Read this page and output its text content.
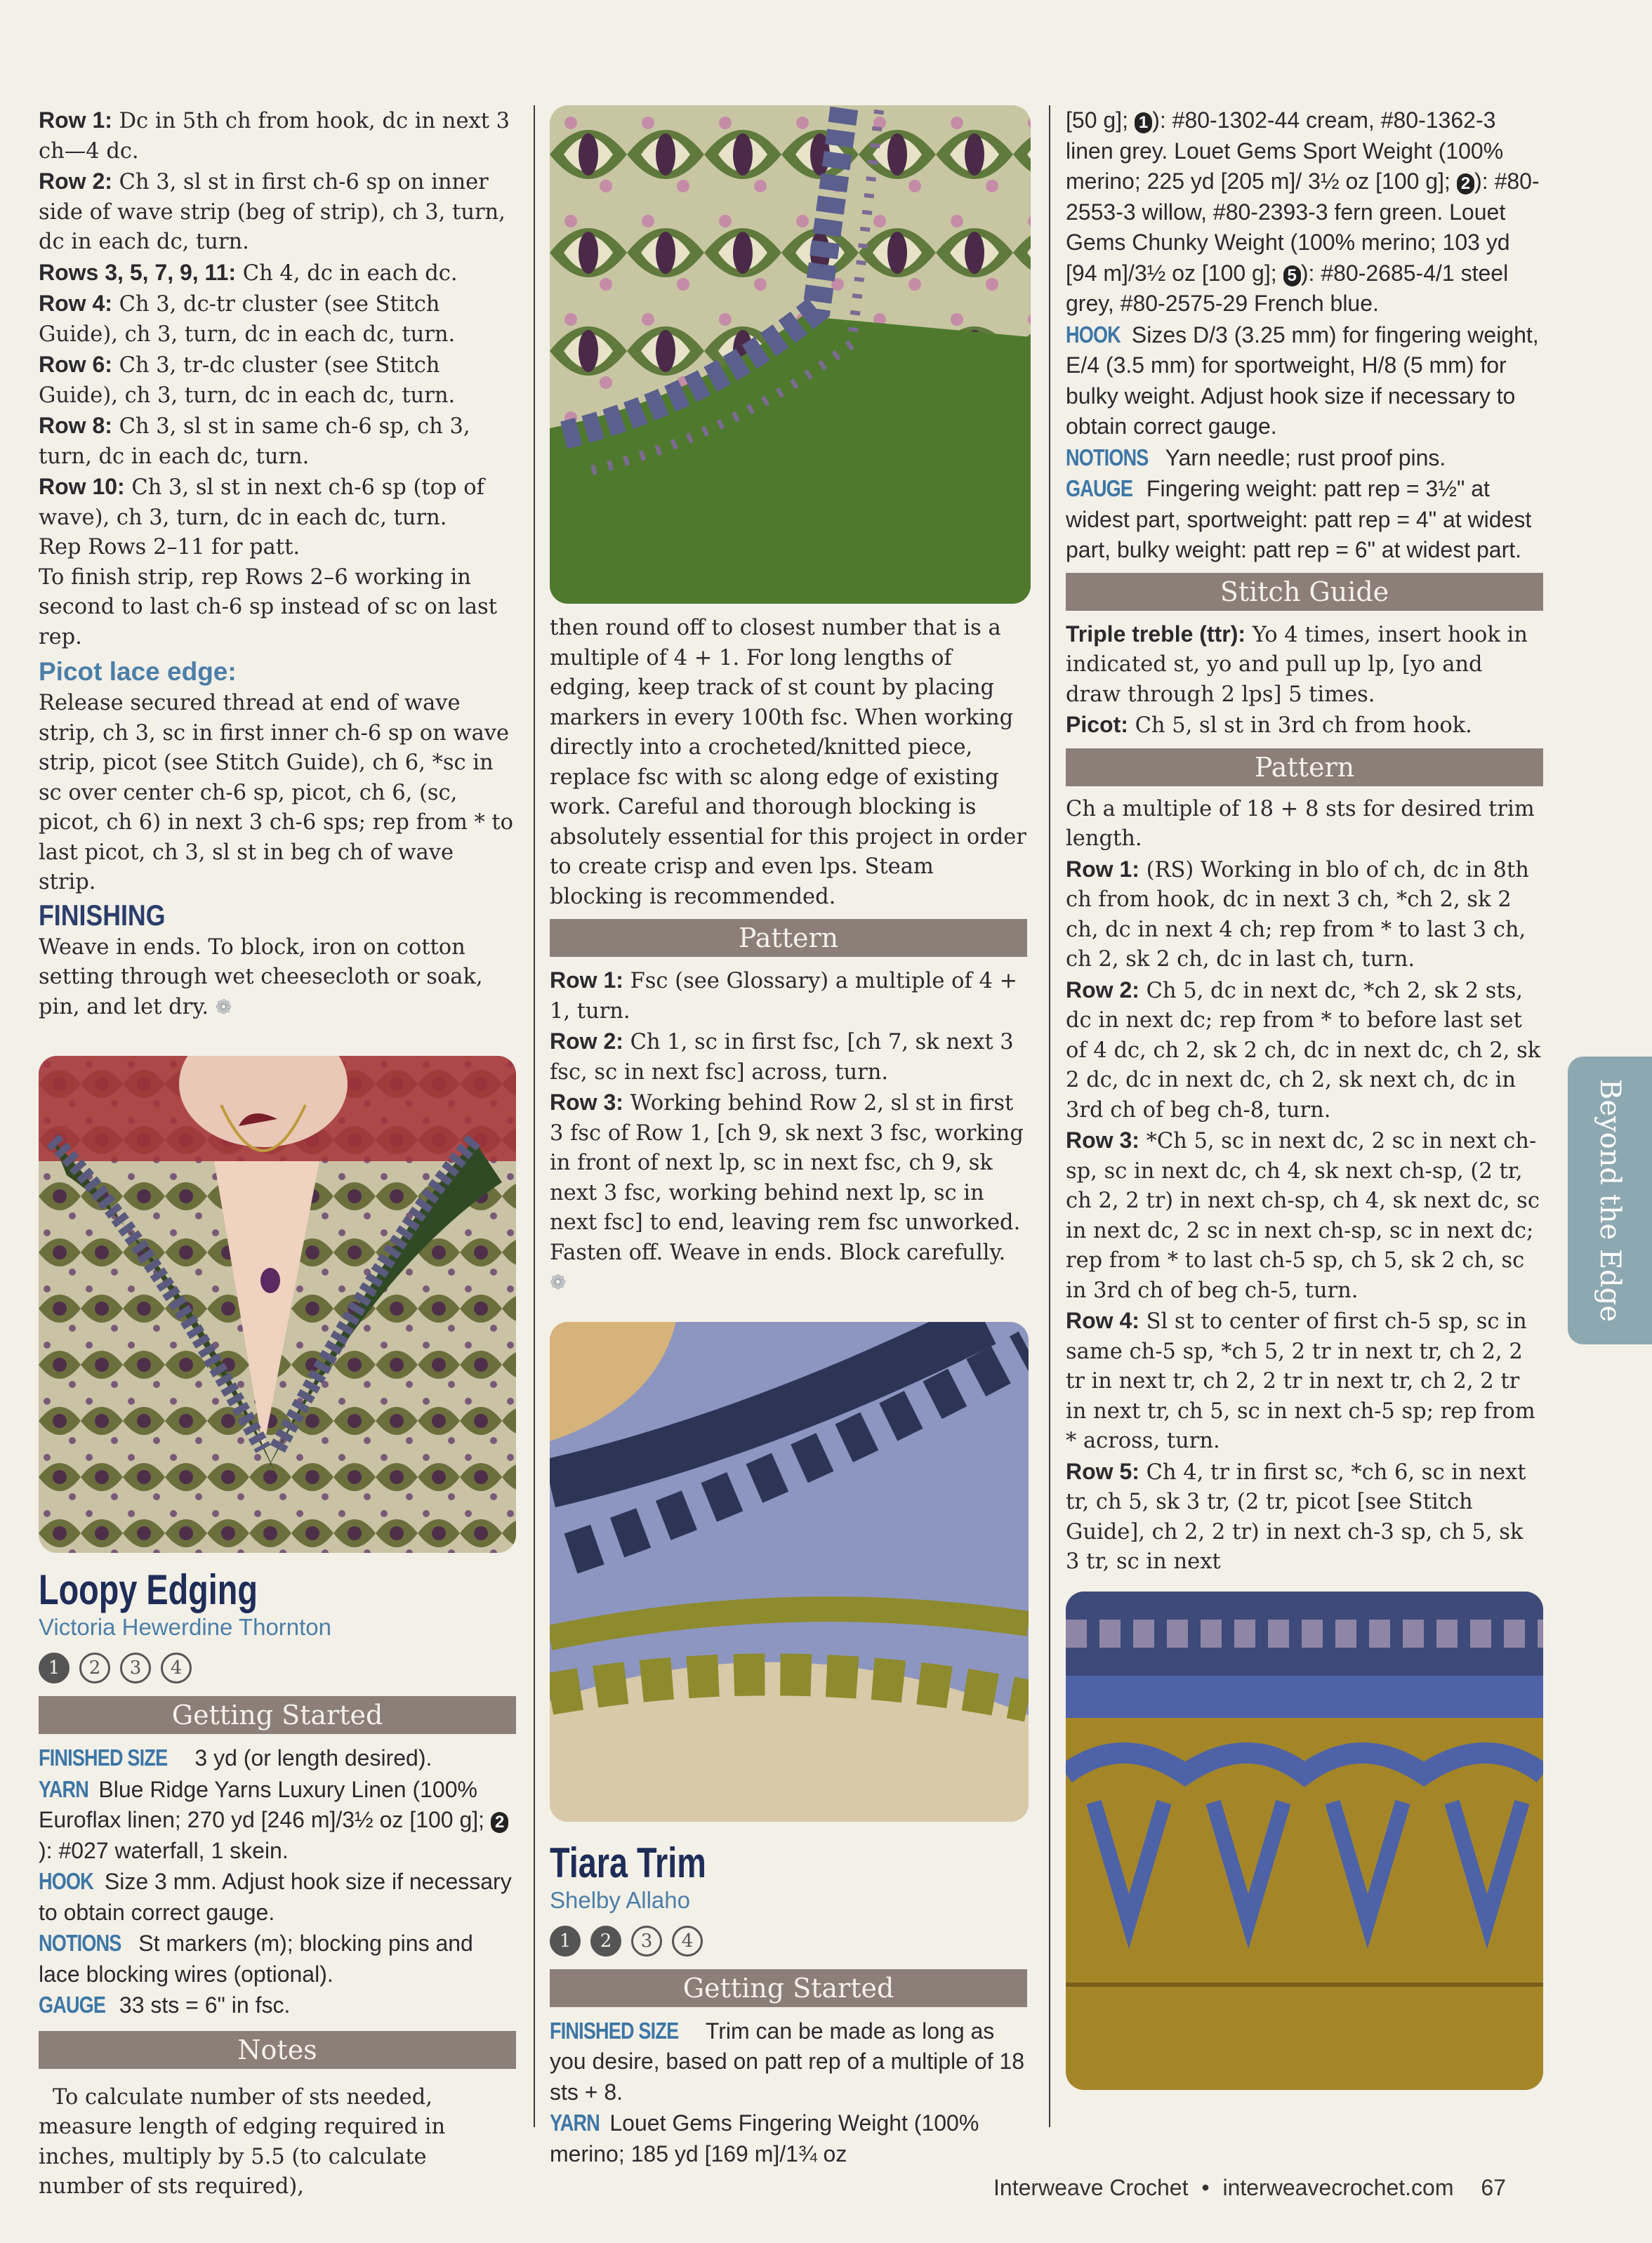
Row 1: Dc in 5th ch from hook, dc in next 3 ch—4 dc.

Row 2: Ch 3, sl st in first ch-6 sp on inner side of wave strip (beg of strip), ch 3, turn, dc in each dc, turn.

Rows 3, 5, 7, 9, 11: Ch 4, dc in each dc.

Row 4: Ch 3, dc-tr cluster (see Stitch Guide), ch 3, turn, dc in each dc, turn.

Row 6: Ch 3, tr-dc cluster (see Stitch Guide), ch 3, turn, dc in each dc, turn.

Row 8: Ch 3, sl st in same ch-6 sp, ch 3, turn, dc in each dc, turn.

Row 10: Ch 3, sl st in next ch-6 sp (top of wave), ch 3, turn, dc in each dc, turn.

Rep Rows 2–11 for patt.

To finish strip, rep Rows 2–6 working in second to last ch-6 sp instead of sc on last rep.

Picot lace edge:

Release secured thread at end of wave strip, ch 3, sc in first inner ch-6 sp on wave strip, picot (see Stitch Guide), ch 6, *sc in sc over center ch-6 sp, picot, ch 6, (sc, picot, ch 6) in next 3 ch-6 sps; rep from * to last picot, ch 3, sl st in beg ch of wave strip.

FINISHING

Weave in ends. To block, iron on cotton setting through wet cheesecloth or soak, pin, and let dry. ❁

Loopy Edging
Victoria Hewerdine Thornton
1	2	3	4
Getting Started

FINISHED SIZE 3 yd (or length desired).

YARN Blue Ridge Yarns Luxury Linen (100% Euroflax linen; 270 yd [246 m]/3½ oz [100 g]; 2): #027 waterfall, 1 skein.

HOOK Size 3 mm. Adjust hook size if necessary to obtain correct gauge.

NOTIONS St markers (m); blocking pins and lace blocking wires (optional).

GAUGE 33 sts = 6" in fsc.

Notes

To calculate number of sts needed, measure length of edging required in inches, multiply by 5.5 (to calculate number of sts required),

then round off to closest number that is a multiple of 4 + 1. For long lengths of edging, keep track of st count by placing markers in every 100th fsc. When working directly into a crocheted/knitted piece, replace fsc with sc along edge of existing work. Careful and thorough blocking is absolutely essential for this project in order to create crisp and even lps. Steam blocking is recommended.

Pattern

Row 1: Fsc (see Glossary) a multiple of 4 + 1, turn.

Row 2: Ch 1, sc in first fsc, [ch 7, sk next 3 fsc, sc in next fsc] across, turn.

Row 3: Working behind Row 2, sl st in first 3 fsc of Row 1, [ch 9, sk next 3 fsc, working in front of next lp, sc in next fsc, ch 9, sk next 3 fsc, working behind next lp, sc in next fsc] to end, leaving rem fsc unworked.

Fasten off. Weave in ends. Block carefully. ❁

Tiara Trim
Shelby Allaho
1	2	3	4
Getting Started

FINISHED SIZE Trim can be made as long as you desire, based on patt rep of a multiple of 18 sts + 8.

YARN Louet Gems Fingering Weight (100% merino; 185 yd [169 m]/1¾ oz

[50 g]; 1 ): #80-1302-44 cream, #80-1362-3 linen grey. Louet Gems Sport Weight (100% merino; 225 yd [205 m]/ 3½ oz [100 g]; 2 ): #80-2553-3 willow, #80-2393-3 fern green. Louet Gems Chunky Weight (100% merino; 103 yd [94 m]/3½ oz [100 g]; 5 ): #80-2685-4/1 steel grey, #80-2575-29 French blue.

HOOK Sizes D/3 (3.25 mm) for fingering weight, E/4 (3.5 mm) for sportweight, H/8 (5 mm) for bulky weight. Adjust hook size if necessary to obtain correct gauge.

NOTIONS Yarn needle; rust proof pins.

GAUGE Fingering weight: patt rep = 3½" at widest part, sportweight: patt rep = 4" at widest part, bulky weight: patt rep = 6" at widest part.

Stitch Guide

Triple treble (ttr): Yo 4 times, insert hook in indicated st, yo and pull up lp, [yo and draw through 2 lps] 5 times.

Picot: Ch 5, sl st in 3rd ch from hook.

Pattern

Ch a multiple of 18 + 8 sts for desired trim length.

Row 1: (RS) Working in blo of ch, dc in 8th ch from hook, dc in next 3 ch, *ch 2, sk 2 ch, dc in next 4 ch; rep from * to last 3 ch, ch 2, sk 2 ch, dc in last ch, turn.

Row 2: Ch 5, dc in next dc, *ch 2, sk 2 sts, dc in next dc; rep from * to before last set of 4 dc, ch 2, sk 2 ch, dc in next dc, ch 2, sk 2 dc, dc in next dc, ch 2, sk next ch, dc in 3rd ch of beg ch-8, turn.

Row 3: *Ch 5, sc in next dc, 2 sc in next ch-sp, sc in next dc, ch 4, sk next ch-sp, (2 tr, ch 2, 2 tr) in next ch-sp, ch 4, sk next dc, sc in next dc, 2 sc in next ch-sp, sc in next dc; rep from * to last ch-5 sp, ch 5, sk 2 ch, sc in 3rd ch of beg ch-5, turn.

Row 4: Sl st to center of first ch-5 sp, sc in same ch-5 sp, *ch 5, 2 tr in next tr, ch 2, 2 tr in next tr, ch 2, 2 tr in next tr, ch 2, 2 tr in next tr, ch 5, sc in next ch-5 sp; rep from * across, turn.

Row 5: Ch 4, tr in first sc, *ch 6, sc in next tr, ch 5, sk 3 tr, (2 tr, picot [see Stitch Guide], ch 2, 2 tr) in next ch-3 sp, ch 5, sk 3 tr, sc in next

Beyond the Edge
Interweave Crochet • interweavecrochet.com 67
